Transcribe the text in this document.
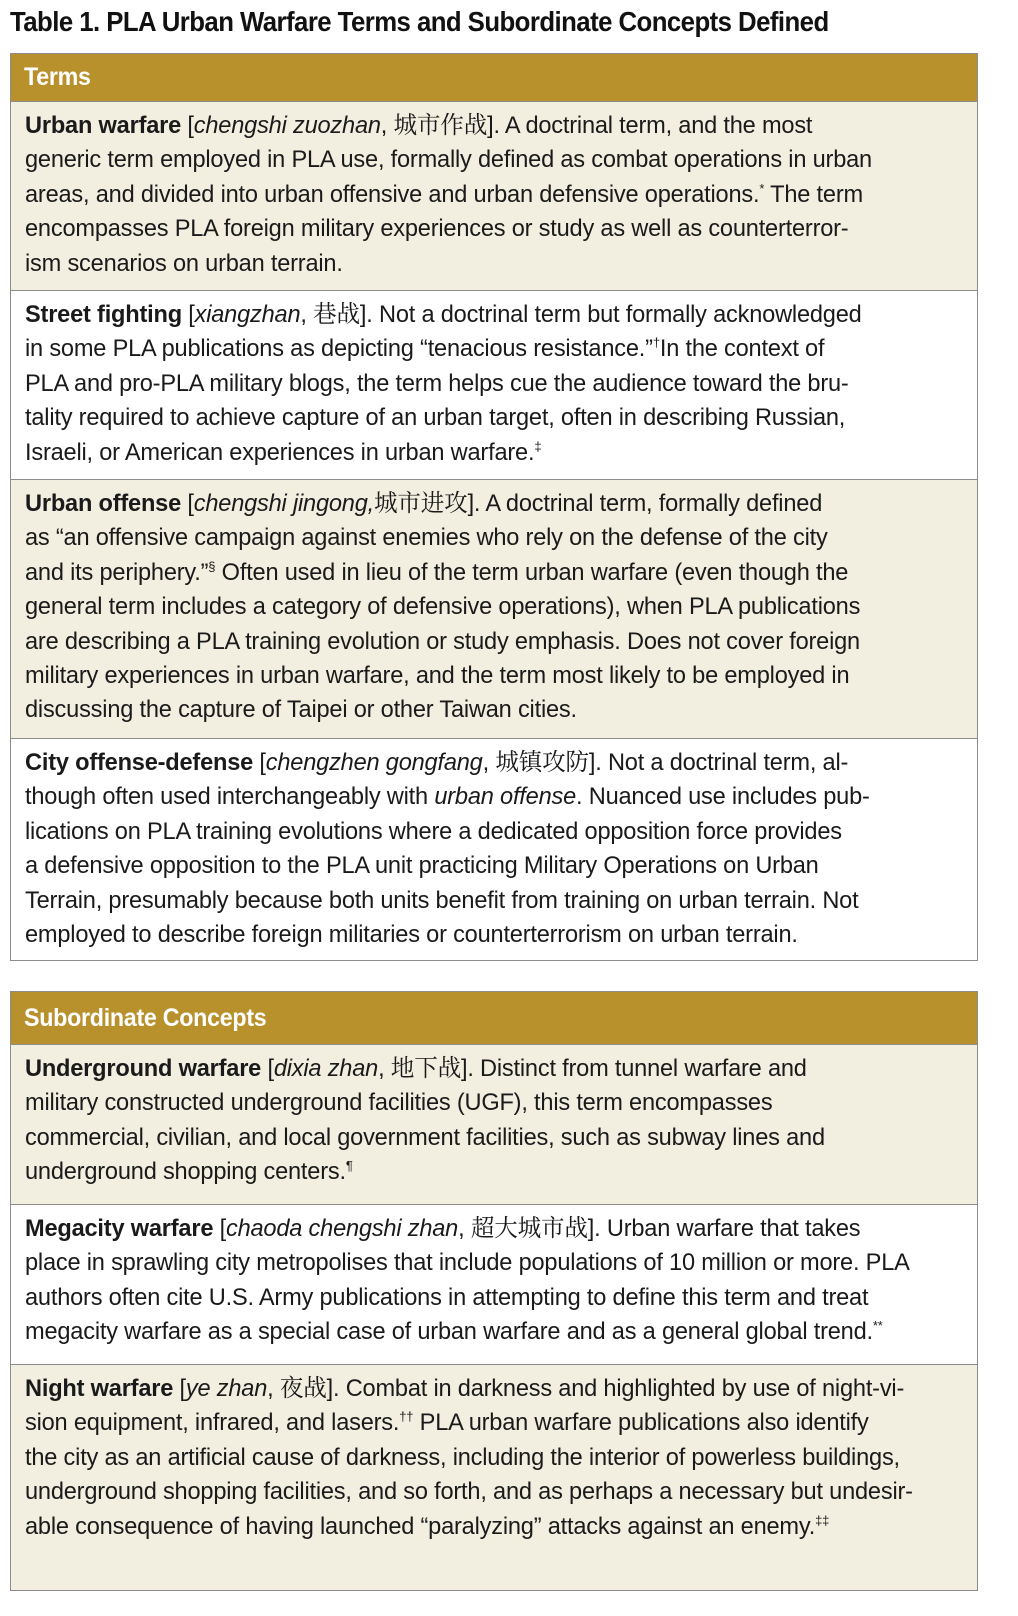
Table 1. PLA Urban Warfare Terms and Subordinate Concepts Defined
Terms
Urban warfare [chengshi zuozhan, 城市作战]. A doctrinal term, and the most
generic term employed in PLA use, formally defined as combat operations in urban
areas, and divided into urban offensive and urban defensive operations.* The term
encompasses PLA foreign military experiences or study as well as counterterror-
ism scenarios on urban terrain.
Street fighting [xiangzhan, 巷战]. Not a doctrinal term but formally acknowledged
in some PLA publications as depicting “tenacious resistance.”†In the context of
PLA and pro-PLA military blogs, the term helps cue the audience toward the bru-
tality required to achieve capture of an urban target, often in describing Russian,
Israeli, or American experiences in urban warfare.‡
Urban offense [chengshi jingong,城市进攻]. A doctrinal term, formally defined
as “an offensive campaign against enemies who rely on the defense of the city
and its periphery.”§ Often used in lieu of the term urban warfare (even though the
general term includes a category of defensive operations), when PLA publications
are describing a PLA training evolution or study emphasis. Does not cover foreign
military experiences in urban warfare, and the term most likely to be employed in
discussing the capture of Taipei or other Taiwan cities.
City offense-defense [chengzhen gongfang, 城镇攻防]. Not a doctrinal term, al-
though often used interchangeably with urban offense. Nuanced use includes pub-
lications on PLA training evolutions where a dedicated opposition force provides
a defensive opposition to the PLA unit practicing Military Operations on Urban
Terrain, presumably because both units benefit from training on urban terrain. Not
employed to describe foreign militaries or counterterrorism on urban terrain.
Subordinate Concepts
Underground warfare [dixia zhan, 地下战]. Distinct from tunnel warfare and
military constructed underground facilities (UGF), this term encompasses
commercial, civilian, and local government facilities, such as subway lines and
underground shopping centers.¶
Megacity warfare [chaoda chengshi zhan, 超大城市战]. Urban warfare that takes
place in sprawling city metropolises that include populations of 10 million or more. PLA
authors often cite U.S. Army publications in attempting to define this term and treat
megacity warfare as a special case of urban warfare and as a general global trend.**
Night warfare [ye zhan, 夜战]. Combat in darkness and highlighted by use of night-vi-
sion equipment, infrared, and lasers.†† PLA urban warfare publications also identify
the city as an artificial cause of darkness, including the interior of powerless buildings,
underground shopping facilities, and so forth, and as perhaps a necessary but undesir-
able consequence of having launched “paralyzing” attacks against an enemy.‡‡
